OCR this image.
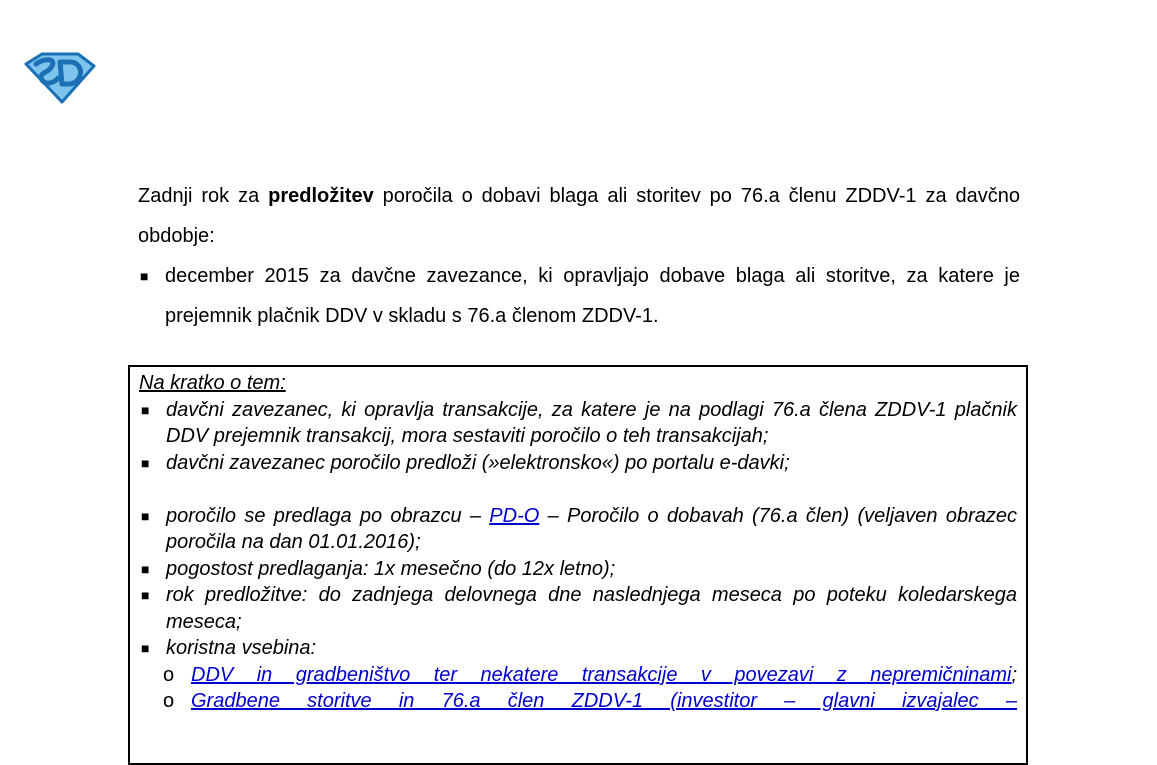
Zadnji rok za predložitev poročila o dobavi blaga ali storitev po 76.a členu ZDDV-1 za davčno obdobje:

■ december 2015 za davčne zavezance, ki opravljajo dobave blaga ali storitve, za katere je prejemnik plačnik DDV v skladu s 76.a členom ZDDV-1.

Na kratko o tem:

■ davčni zavezanec, ki opravlja transakcije, za katere je na podlagi 76.a člena ZDDV-1 plačnik DDV prejemnik transakcij, mora sestaviti poročilo o teh transakcijah;
■ davčni zavezanec poročilo predloži (»elektronsko«) po portalu e-davki;
■ poročilo se predlaga po obrazcu – PD-O – Poročilo o dobavah (76.a člen) (veljaven obrazec poročila na dan 01.01.2016);
■ pogostost predlaganja: 1x mesečno (do 12x letno);
■ rok predložitve: do zadnjega delovnega dne naslednjega meseca po poteku koledarskega meseca;
■ koristna vsebina:
o DDV in gradbeništvo ter nekatere transakcije v povezavi z nepremičninami;
o Gradbene storitve in 76.a člen ZDDV-1 (investitor – glavni izvajalec –
